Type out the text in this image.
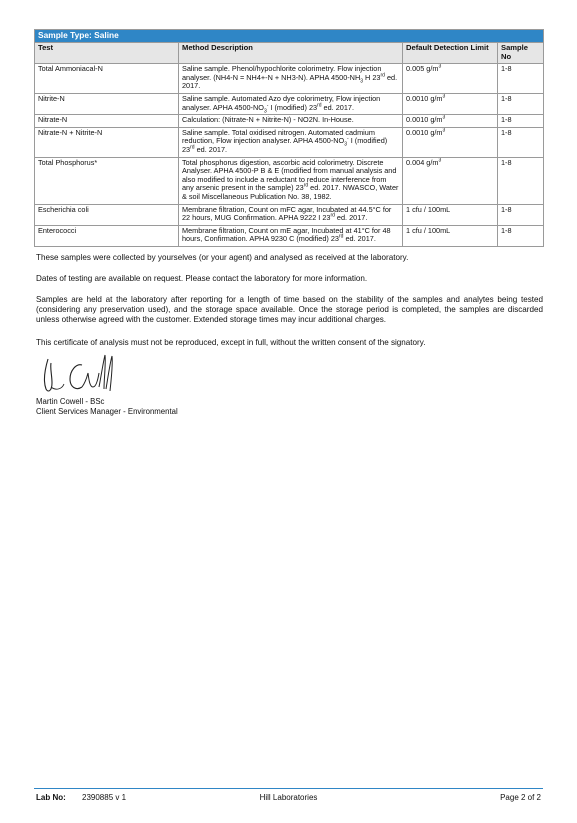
Sample Type: Saline			
Test	Method Description	Default Detection Limit	Sample No
Total Ammoniacal-N	Saline sample. Phenol/hypochlorite colorimetry. Flow injection analyser. (NH4-N = NH4+-N + NH3-N). APHA $4500-NH_3$ H 23rd ed. 2017.	0.005 $g/m^3$	1-8
Nitrite-N	Saline sample. Automated Azo dye colorimetry, Flow injection analyser. APHA $4500-NO_3^-$ I (modified) 23rd ed. 2017.	0.0010 $g/m^3$	1-8
Nitrate-N	Calculation: (Nitrate-N + Nitrite-N) - NO2N. In-House.	0.0010 $g/m^3$	1-8
Nitrate-N + Nitrite-N	Saline sample. Total oxidised nitrogen. Automated cadmium reduction, Flow injection analyser. APHA $4500-NO_3^-$ I (modified) 23rd ed. 2017.	0.0010 $g/m^3$	1-8
Total Phosphorus*	Total phosphorus digestion, ascorbic acid colorimetry. Discrete Analyser. APHA 4500-P B & E (modified from manual analysis and also modified to include a reductant to reduce interference from any arsenic present in the sample) 23rd ed. 2017. NWASCO, Water & soil Miscellaneous Publication No. 38, 1982.	0.004 $g/m^3$	1-8
Escherichia coli	Membrane filtration, Count on mFC agar, Incubated at 44.5°C for 22 hours, MUG Confirmation. APHA 9222 I 23rd ed. 2017.	1 cfu / 100mL	1-8
Enterococci	Membrane filtration, Count on mE agar, Incubated at 41°C for 48 hours, Confirmation. APHA 9230 C (modified) 23rd ed. 2017.	1 cfu / 100mL	1-8

These samples were collected by yourselves (or your agent) and analysed as received at the laboratory.

Dates of testing are available on request. Please contact the laboratory for more information.

Samples are held at the laboratory after reporting for a length of time based on the stability of the samples and analytes being tested (considering any preservation used), and the storage space available. Once the storage period is completed, the samples are discarded unless otherwise agreed with the customer. Extended storage times may incur additional charges.

This certificate of analysis must not be reproduced, except in full, without the written consent of the signatory.

Martin Cowell - BSc
Client Services Manager - Environmental
Lab No: 2390885 v 1	Hill Laboratories	Page 2 of 2
